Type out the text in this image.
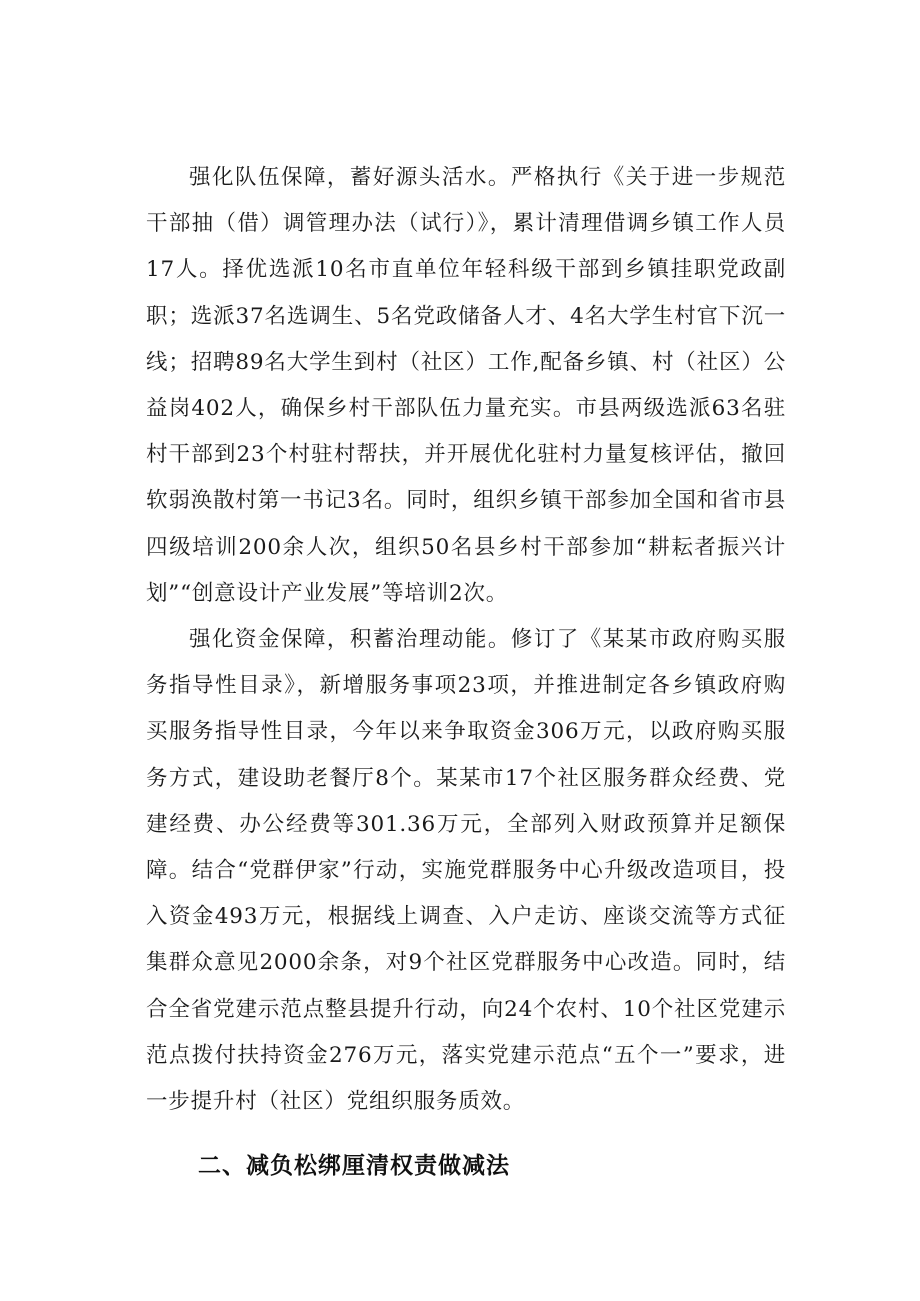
强化队伍保障，蓄好源头活水。严格执行《关于进一步规范干部抽（借）调管理办法（试行）》，累计清理借调乡镇工作人员17人。择优选派10名市直单位年轻科级干部到乡镇挂职党政副职；选派37名选调生、5名党政储备人才、4名大学生村官下沉一线；招聘89名大学生到村（社区）工作,配备乡镇、村（社区）公益岗402人，确保乡村干部队伍力量充实。市县两级选派63名驻村干部到23个村驻村帮扶，并开展优化驻村力量复核评估，撤回软弱涣散村第一书记3名。同时，组织乡镇干部参加全国和省市县四级培训200余人次，组织50名县乡村干部参加“耕耘者振兴计划”“创意设计产业发展”等培训2次。

强化资金保障，积蓄治理动能。修订了《某某市政府购买服务指导性目录》，新增服务事项23项，并推进制定各乡镇政府购买服务指导性目录，今年以来争取资金306万元，以政府购买服务方式，建设助老餐厅8个。某某市17个社区服务群众经费、党建经费、办公经费等301.36万元，全部列入财政预算并足额保障。结合“党群伊家”行动，实施党群服务中心升级改造项目，投入资金493万元，根据线上调查、入户走访、座谈交流等方式征集群众意见2000余条，对9个社区党群服务中心改造。同时，结合全省党建示范点整县提升行动，向24个农村、10个社区党建示范点拨付扶持资金276万元，落实党建示范点“五个一”要求，进一步提升村（社区）党组织服务质效。

二、减负松绑厘清权责做减法
